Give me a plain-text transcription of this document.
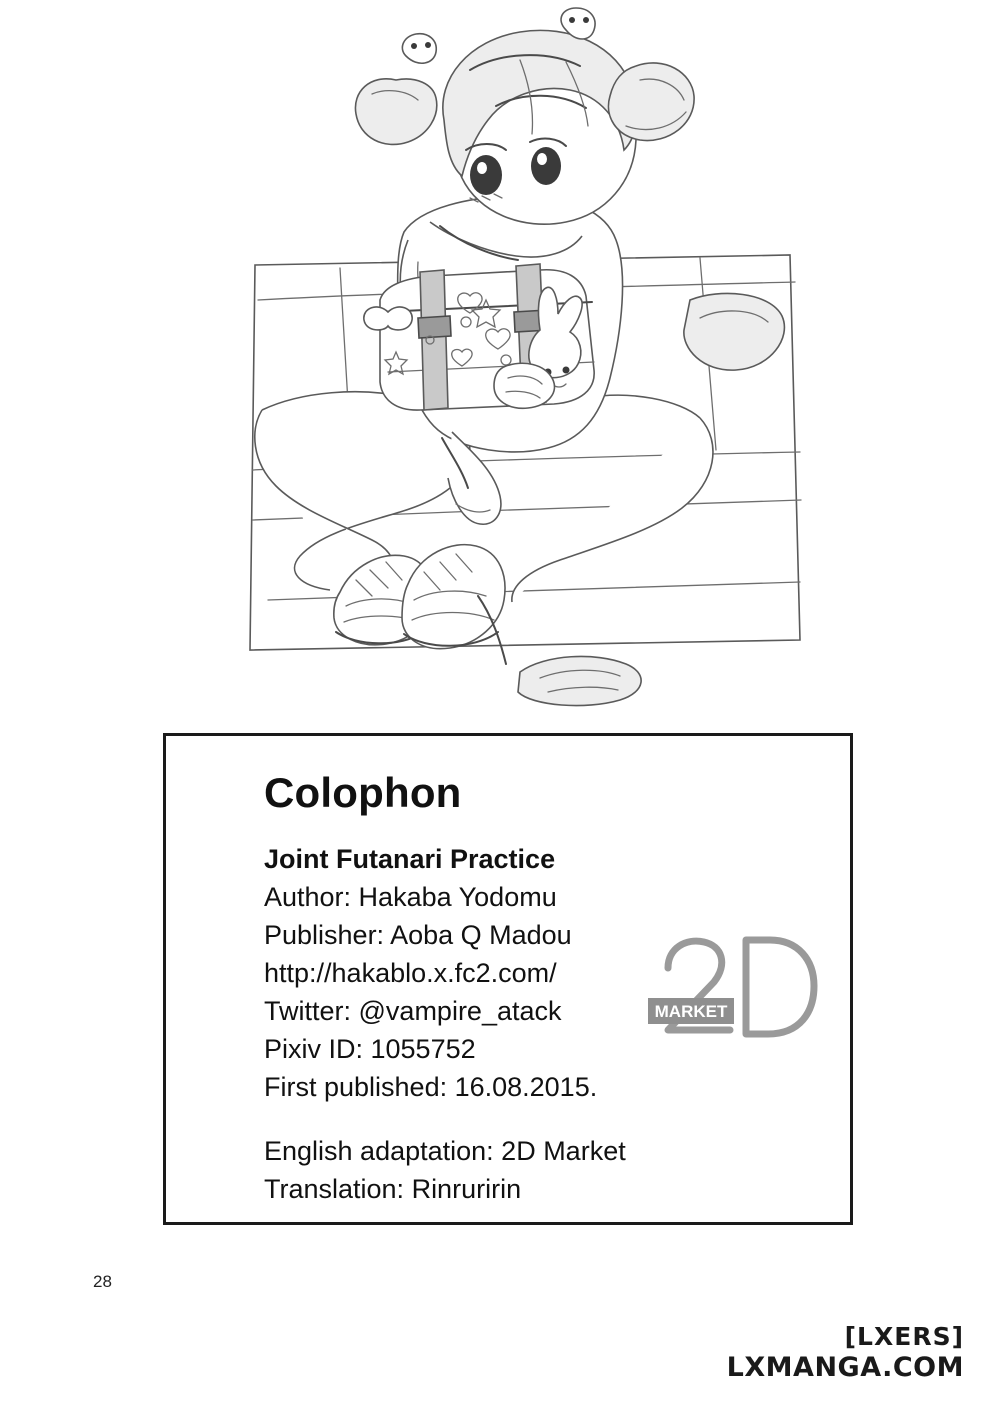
Colophon
Joint Futanari Practice
Author: Hakaba Yodomu
Publisher: Aoba Q Madou
http://hakablo.x.fc2.com/
Twitter: @vampire_atack
Pixiv ID: 1055752
First published: 16.08.2015.
English adaptation: 2D Market
Translation: Rinruririn
MARKET
28
[LXERS]
LXMANGA.COM
